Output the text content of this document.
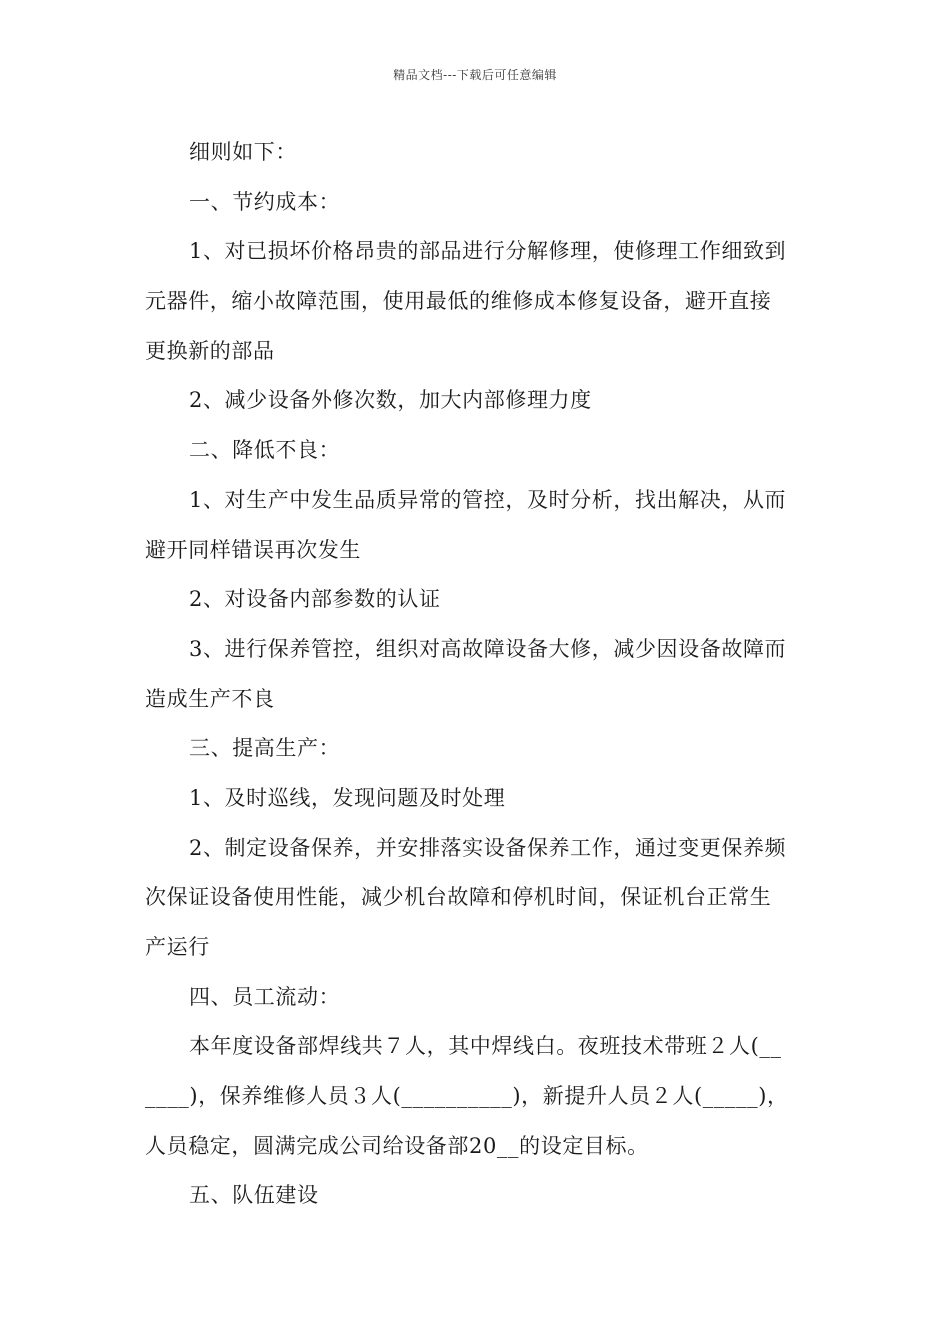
精品文档---下载后可任意编辑
细则如下：
一、节约成本：
1、对已损坏价格昂贵的部品进行分解修理，使修理工作细致到
元器件，缩小故障范围，使用最低的维修成本修复设备，避开直接
更换新的部品
2、减少设备外修次数，加大内部修理力度
二、降低不良：
1、对生产中发生品质异常的管控，及时分析，找出解决，从而
避开同样错误再次发生
2、对设备内部参数的认证
3、进行保养管控，组织对高故障设备大修，减少因设备故障而
造成生产不良
三、提高生产：
1、及时巡线，发现问题及时处理
2、制定设备保养，并安排落实设备保养工作，通过变更保养频
次保证设备使用性能，减少机台故障和停机时间，保证机台正常生
产运行
四、员工流动：
本年度设备部焊线共７人，其中焊线白。夜班技术带班２人(__
____)，保养维修人员３人(__________)，新提升人员２人(_____)，
人员稳定，圆满完成公司给设备部20__的设定目标。
五、队伍建设
